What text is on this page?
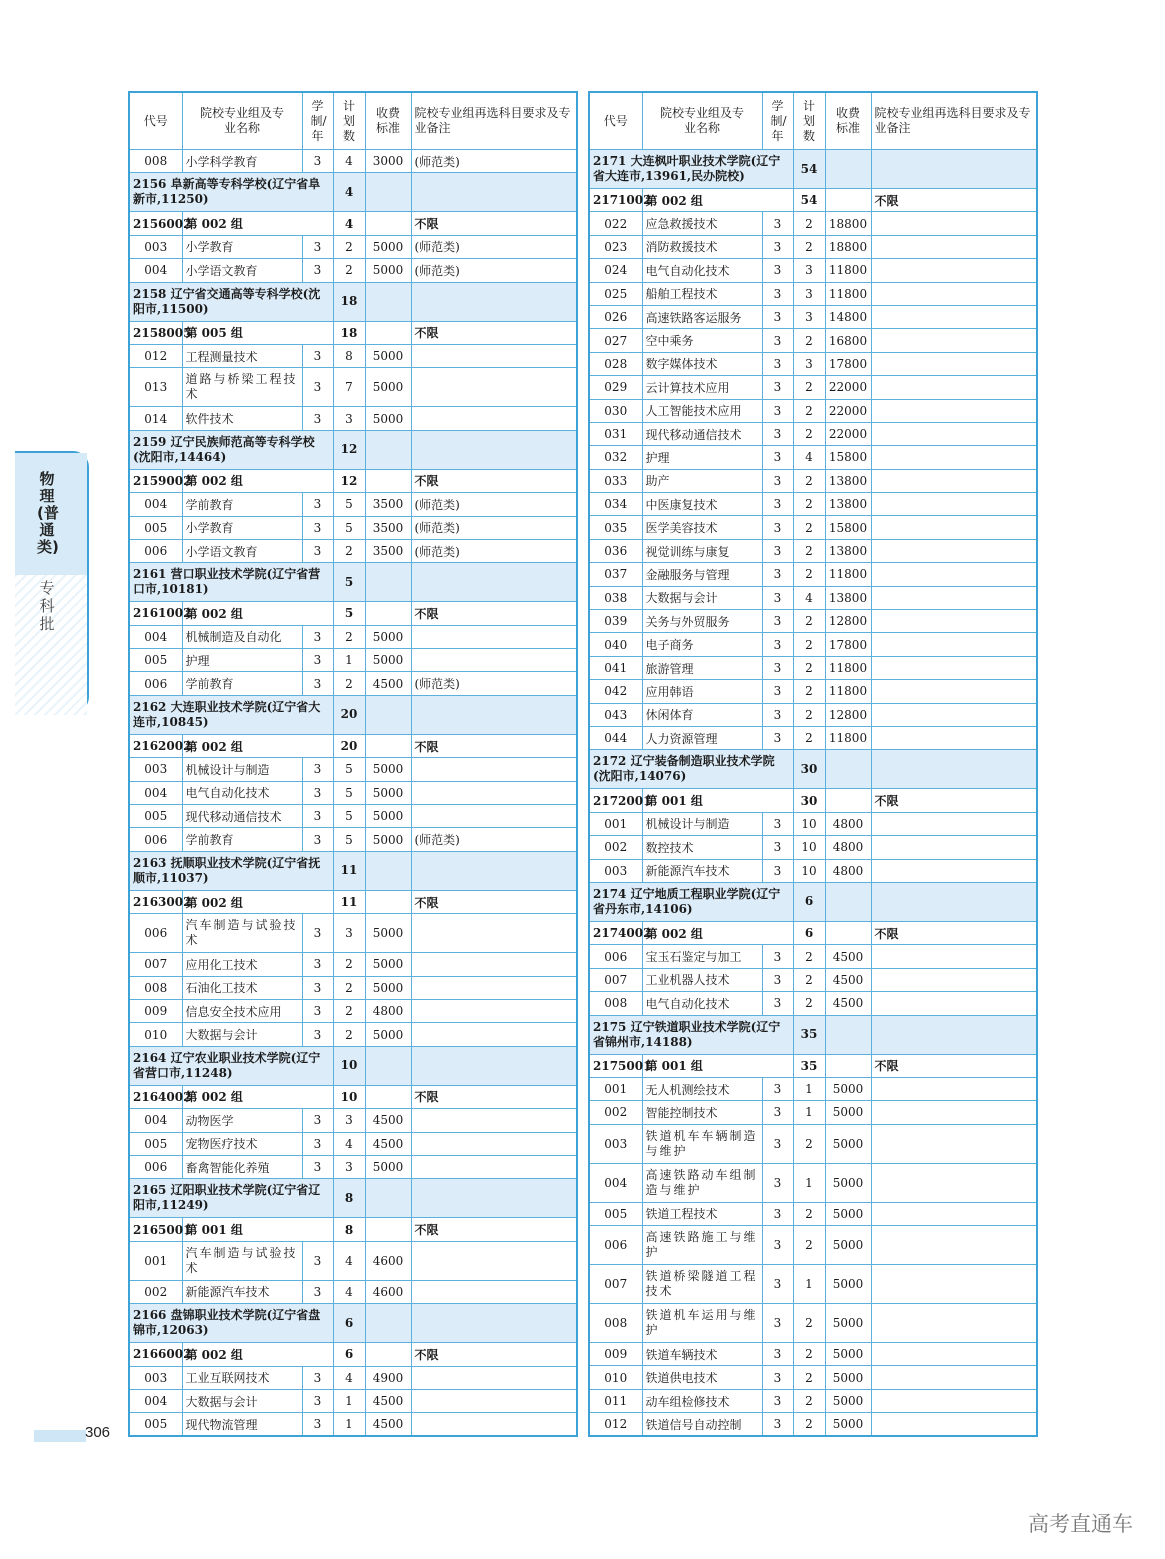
代号	院校专业组及专业名称	学制/年	计划数	收费标准	院校专业组再选科目要求及专业备注
008	小学科学教育	3	4	3000	(师范类)
2156 阜新高等专科学校(辽宁省阜新市,11250)			4		
2156002	第 002 组		4		不限
003	小学教育	3	2	5000	(师范类)
004	小学语文教育	3	2	5000	(师范类)
2158 辽宁省交通高等专科学校(沈阳市,11500)			18		
2158005	第 005 组		18		不限
012	工程测量技术	3	8	5000	
013	道路与桥梁工程技术	3	7	5000	
014	软件技术	3	3	5000	
2159 辽宁民族师范高等专科学校(沈阳市,14464)			12		
2159002	第 002 组		12		不限
004	学前教育	3	5	3500	(师范类)
005	小学教育	3	5	3500	(师范类)
006	小学语文教育	3	2	3500	(师范类)
2161 营口职业技术学院(辽宁省营口市,10181)			5		
2161002	第 002 组		5		不限
004	机械制造及自动化	3	2	5000	
005	护理	3	1	5000	
006	学前教育	3	2	4500	(师范类)
2162 大连职业技术学院(辽宁省大连市,10845)			20		
2162002	第 002 组		20		不限
003	机械设计与制造	3	5	5000	
004	电气自动化技术	3	5	5000	
005	现代移动通信技术	3	5	5000	
006	学前教育	3	5	5000	(师范类)
2163 抚顺职业技术学院(辽宁省抚顺市,11037)			11		
2163002	第 002 组		11		不限
006	汽车制造与试验技术	3	3	5000	
007	应用化工技术	3	2	5000	
008	石油化工技术	3	2	5000	
009	信息安全技术应用	3	2	4800	
010	大数据与会计	3	2	5000	
2164 辽宁农业职业技术学院(辽宁省营口市,11248)			10		
2164002	第 002 组		10		不限
004	动物医学	3	3	4500	
005	宠物医疗技术	3	4	4500	
006	畜禽智能化养殖	3	3	5000	
2165 辽阳职业技术学院(辽宁省辽阳市,11249)			8		
2165001	第 001 组		8		不限
001	汽车制造与试验技术	3	4	4600	
002	新能源汽车技术	3	4	4600	
2166 盘锦职业技术学院(辽宁省盘锦市,12063)			6		
2166002	第 002 组		6		不限
003	工业互联网技术	3	4	4900	
004	大数据与会计	3	1	4500	
005	现代物流管理	3	1	4500	
代号	院校专业组及专业名称	学制/年	计划数	收费标准	院校专业组再选科目要求及专业备注
2171 大连枫叶职业技术学院(辽宁省大连市,13961,民办院校)			54		
2171002	第 002 组		54		不限
022	应急救援技术	3	2	18800	
023	消防救援技术	3	2	18800	
024	电气自动化技术	3	3	11800	
025	船舶工程技术	3	3	11800	
026	高速铁路客运服务	3	3	14800	
027	空中乘务	3	2	16800	
028	数字媒体技术	3	3	17800	
029	云计算技术应用	3	2	22000	
030	人工智能技术应用	3	2	22000	
031	现代移动通信技术	3	2	22000	
032	护理	3	4	15800	
033	助产	3	2	13800	
034	中医康复技术	3	2	13800	
035	医学美容技术	3	2	15800	
036	视觉训练与康复	3	2	13800	
037	金融服务与管理	3	2	11800	
038	大数据与会计	3	4	13800	
039	关务与外贸服务	3	2	12800	
040	电子商务	3	2	17800	
041	旅游管理	3	2	11800	
042	应用韩语	3	2	11800	
043	休闲体育	3	2	12800	
044	人力资源管理	3	2	11800	
2172 辽宁装备制造职业技术学院(沈阳市,14076)			30		
2172001	第 001 组		30		不限
001	机械设计与制造	3	10	4800	
002	数控技术	3	10	4800	
003	新能源汽车技术	3	10	4800	
2174 辽宁地质工程职业学院(辽宁省丹东市,14106)			6		
2174002	第 002 组		6		不限
006	宝玉石鉴定与加工	3	2	4500	
007	工业机器人技术	3	2	4500	
008	电气自动化技术	3	2	4500	
2175 辽宁铁道职业技术学院(辽宁省锦州市,14188)			35		
2175001	第 001 组		35		不限
001	无人机测绘技术	3	1	5000	
002	智能控制技术	3	1	5000	
003	铁道机车车辆制造与维护	3	2	5000	
004	高速铁路动车组制造与维护	3	1	5000	
005	铁道工程技术	3	2	5000	
006	高速铁路施工与维护	3	2	5000	
007	铁道桥梁隧道工程技术	3	1	5000	
008	铁道机车运用与维护	3	2	5000	
009	铁道车辆技术	3	2	5000	
010	铁道供电技术	3	2	5000	
011	动车组检修技术	3	2	5000	
012	铁道信号自动控制	3	2	5000	
物理(普通类)
专科批
306
高考直通车
